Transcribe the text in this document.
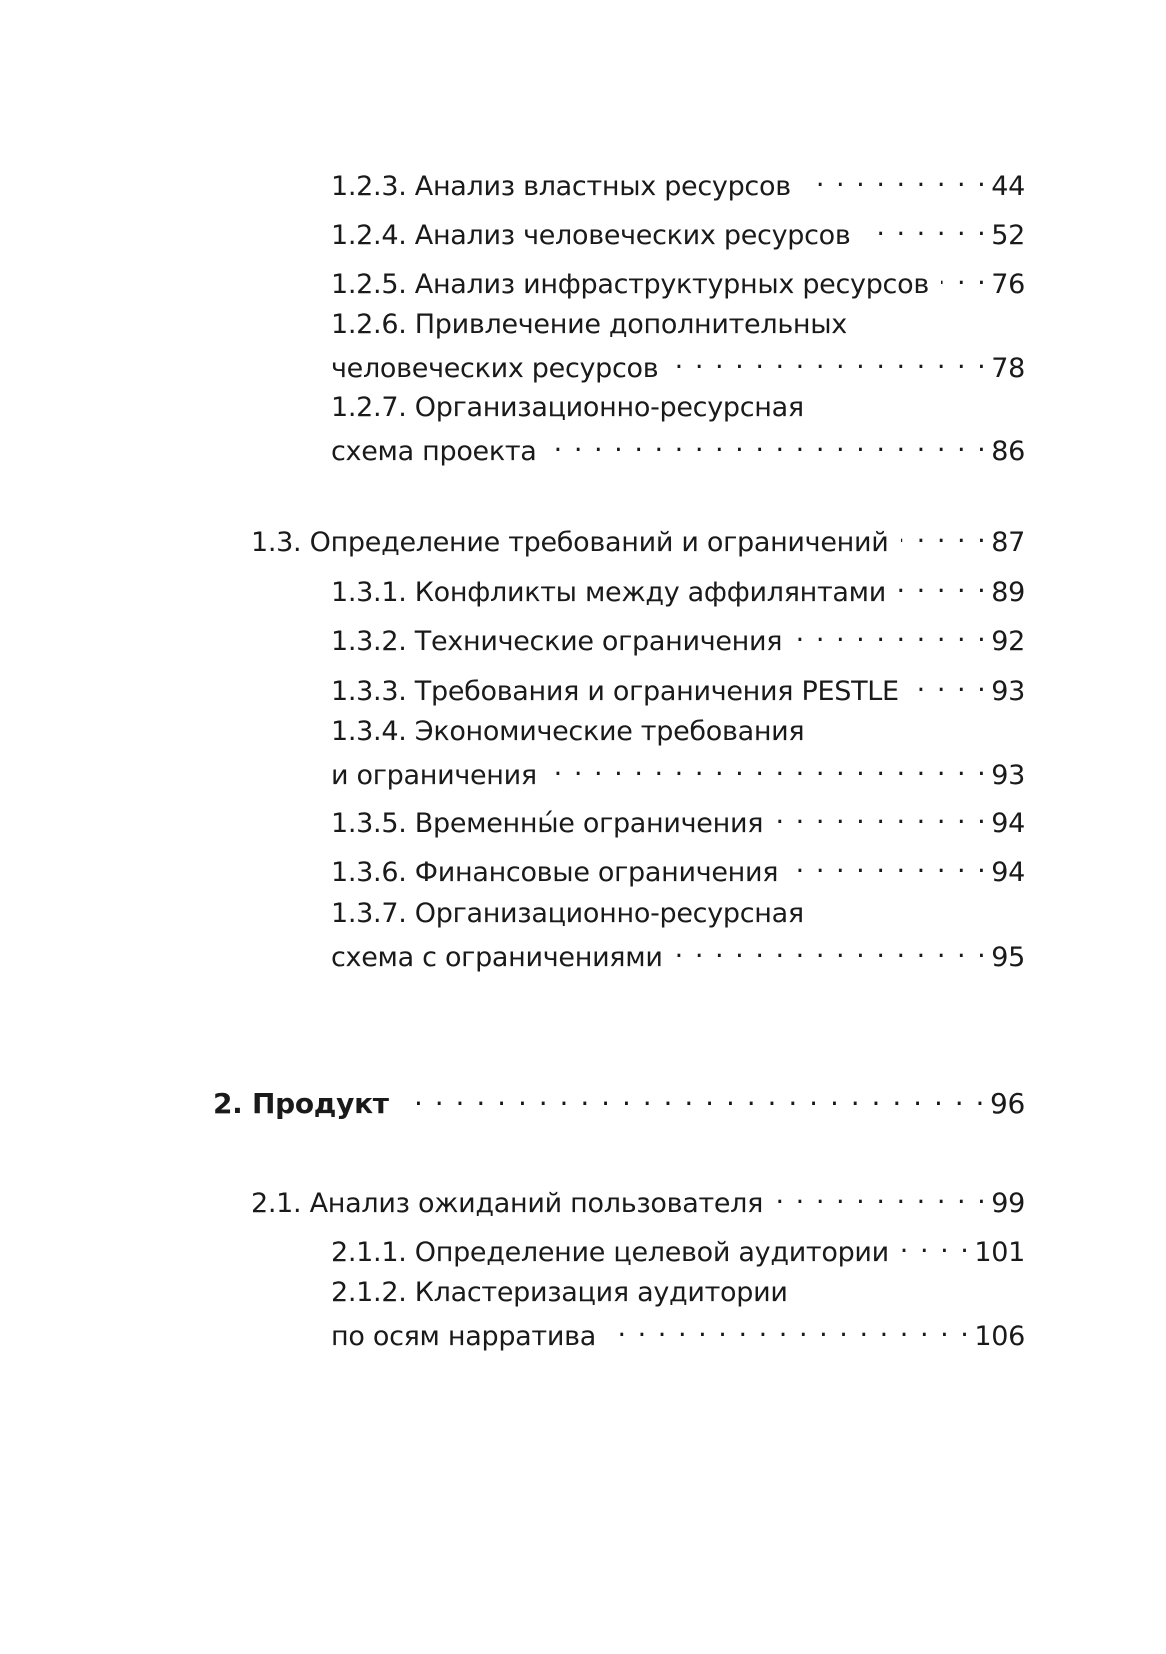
1.2.3. Анализ властных ресурсов . . .	44
1.2.4. Анализ человеческих ресурсов . . .	52
1.2.5. Анализ инфраструктурных ресурсов . . . 76
1.2.6. Привлечение дополнительных
человеческих ресурсов . . .	78
1.2.7. Организационно-ресурсная
схема проекта . . .	86
1.3. Определение требований и ограничений . . .	87
1.3.1. Конфликты между аффилянтами . . .	89
1.3.2. Технические ограничения . . .	92
1.3.3. Требования и ограничения PESTLE . . .	93
1.3.4. Экономические требования
и ограничения . . .	93
1.3.5. Временны́е ограничения . . .	94
1.3.6. Финансовые ограничения . . .	94
1.3.7. Организационно-ресурсная
схема с ограничениями . . .	95
2. Продукт . . .	96
2.1. Анализ ожиданий пользователя . . .	99
2.1.1. Определение целевой аудитории . . .	101
2.1.2. Кластеризация аудитории
по осям нарратива . . .	106
